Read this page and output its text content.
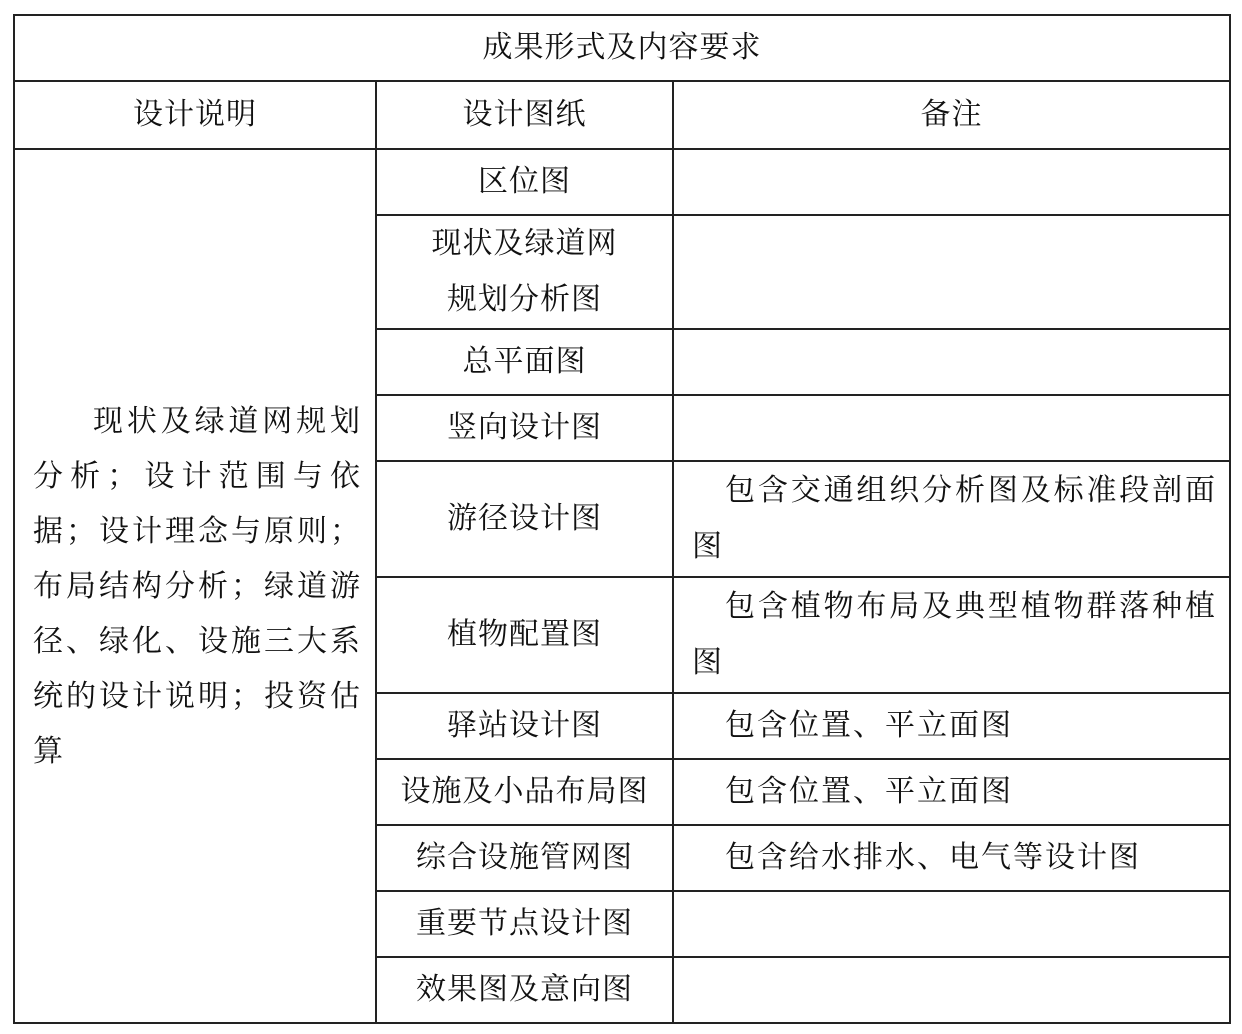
成果形式及内容要求		
设计说明	设计图纸	备注

现状及绿道网规划分析；设计范围与依据；设计理念与原则；布局结构分析；绿道游径、绿化、设施三大系统的设计说明；投资估算	区位图	

	现状及绿道网规划分析图	

	总平面图	

	竖向设计图	

	游径设计图	包含交通组织分析图及标准段剖面图

	植物配置图	包含植物布局及典型植物群落种植图

	驿站设计图	包含位置、平立面图

	设施及小品布局图	包含位置、平立面图

	综合设施管网图	包含给水排水、电气等设计图

	重要节点设计图	

	效果图及意向图	
